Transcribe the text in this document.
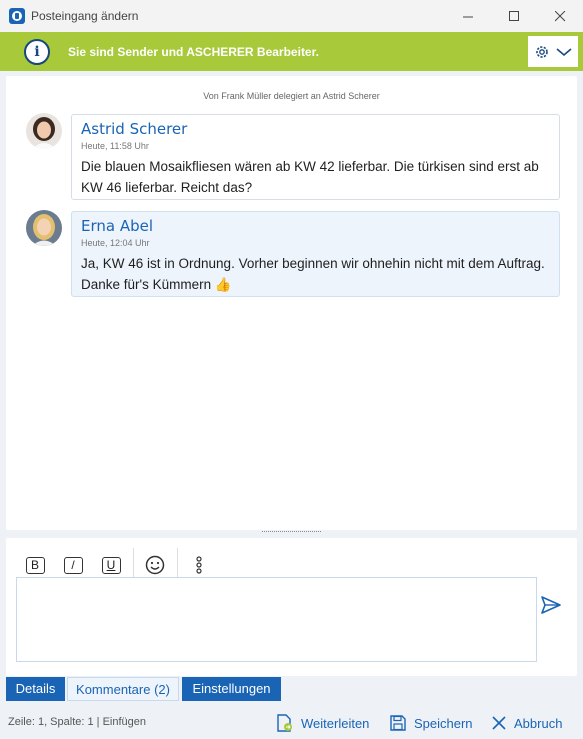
Posteingang ändern
i	Sie sind Sender und ASCHERER Bearbeiter.
Von Frank Müller delegiert an Astrid Scherer
Astrid Scherer
Heute, 11:58 Uhr
Die blauen Mosaikfliesen wären ab KW 42 lieferbar. Die türkisen sind erst ab KW 46 lieferbar. Reicht das?
Erna Abel
Heute, 12:04 Uhr
Ja, KW 46 ist in Ordnung. Vorher beginnen wir ohnehin nicht mit dem Auftrag. Danke für's Kümmern 👍
B	/	U
Details	Kommentare (2)	Einstellungen
Zeile: 1, Spalte: 1 | Einfügen	Weiterleiten	Speichern	Abbruch
